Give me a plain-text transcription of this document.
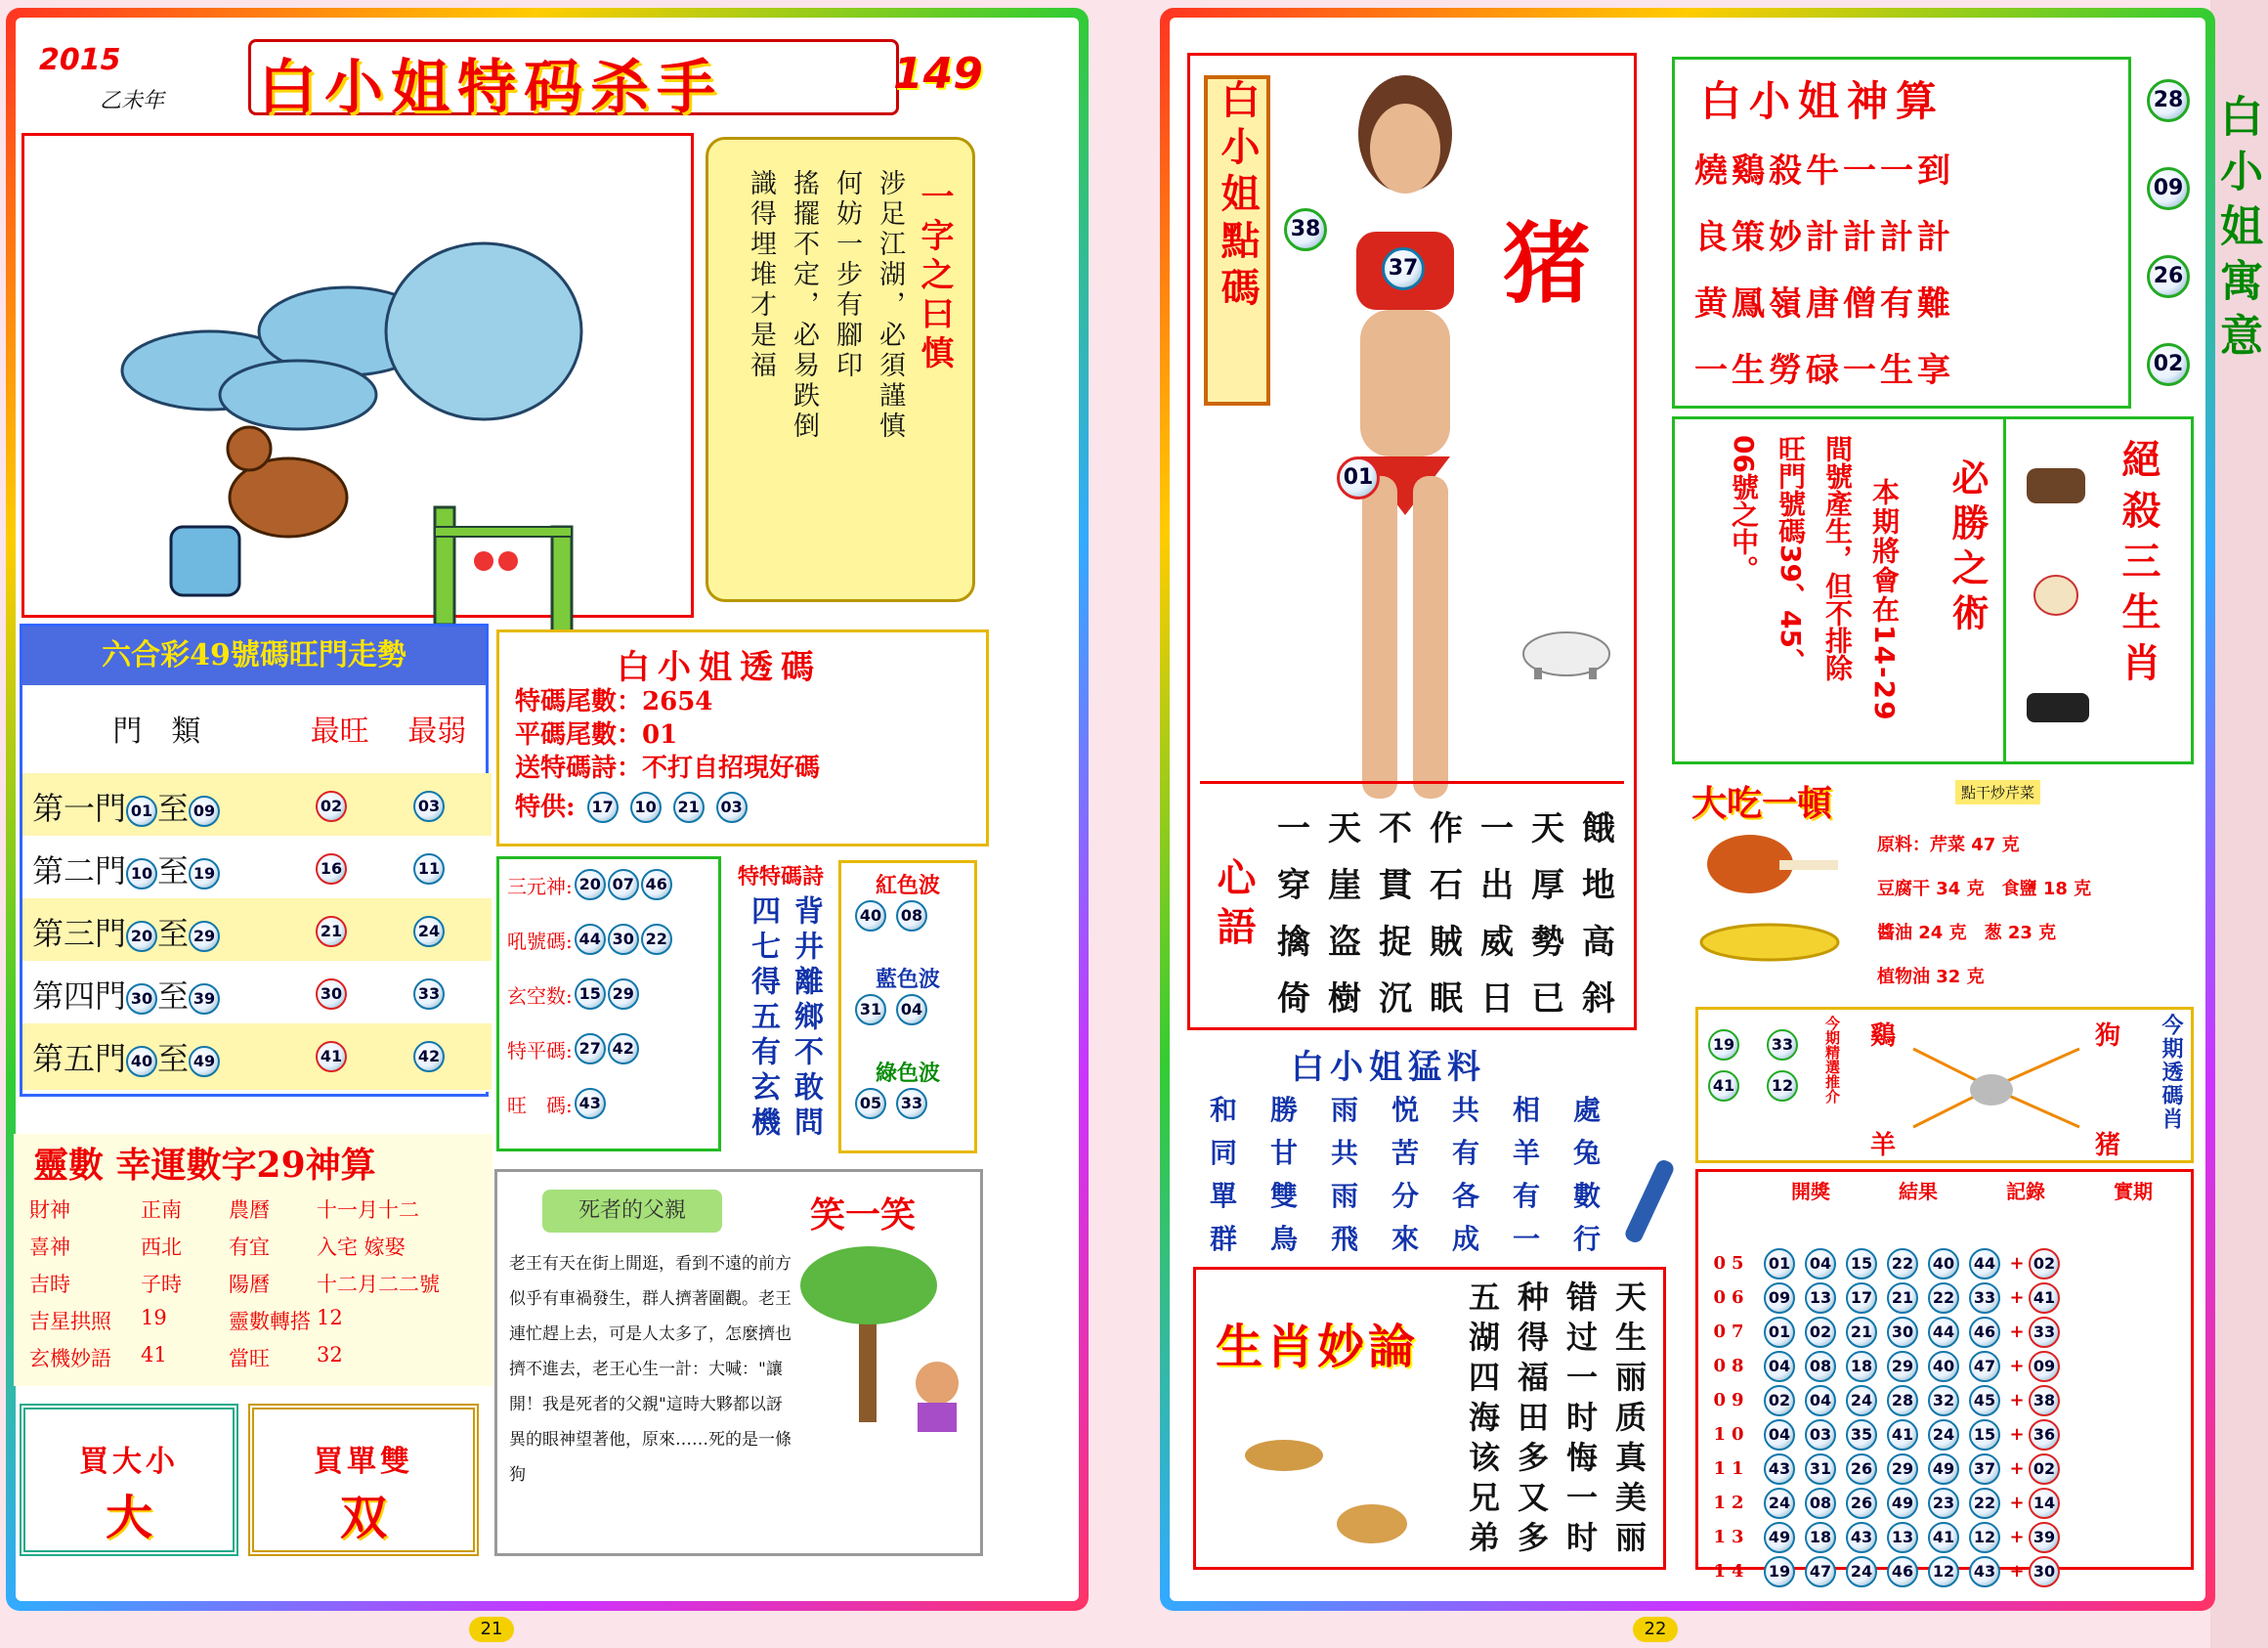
2015
乙未年 白小姐特码杀手	149
一字之曰慎
涉足江湖，必須謹慎
何妨一步有腳印
搖擺不定，必易跌倒
識得埋堆才是福
六合彩49號碼旺門走勢
門　類	最旺	最弱
第一門 01 至 09	02	03
第二門 10 至 19	16	11
第三門 20 至 29	21	24
第四門 30 至 39	30	33
第五門 40 至 49	41	42
白小姐透碼
特碼尾數：2654
平碼尾數：01
送特碼詩：不打自招現好碼
特供:	17	10	21	03
三元神: 20 07 46
吼號碼: 44 30 22
玄空数: 15 29
特平碼: 27 42
旺　碼: 43
特特碼詩
背井離鄉不敢問
四七得五有玄機
紅色波
40	08
藍色波
31	04
綠色波
05	33
靈數 幸運數字29神算
財神	正南 農曆 十一月十二
喜神	西北 有宜 入宅 嫁娶
吉時	子時 陽曆 十二月二二號
吉星拱照 19	靈數轉搭 12
玄機妙語 41	當旺 32
買大小
大
買單雙
双
死者的父親	笑一笑
老王有天在街上閒逛，看到不遠的前方似乎有車禍發生，群人擠著圍觀。老王連忙趕上去，可是人太多了，怎麼擠也擠不進去，老王心生一計：大喊："讓開！我是死者的父親"這時大夥都以訝異的眼神望著他，原來……死的是一條狗
21
白小姐點碼	38
37
01
猪
心語
一 天 不 作 一 天 餓
穿 崖 貫 石 出 厚 地
擒 盗 捉 賊 威 勢 高
倚 樹 沉 眠 日 已 斜
白小姐神算
燒鷄殺牛一一到
良策妙計計計計
黄鳳嶺唐僧有難
一生勞碌一生享
28
09
26
02 白小姐寓意
必勝之術
本期將會在14-29
間號產生，但不排除
旺門號碼39、45、
06號之中。	絕殺三生肖
大吃一頓	點干炒芹菜
原料：芹菜 47 克
豆腐干 34 克　食鹽 18 克
醬油 24 克　葱 23 克
植物油 32 克
19	33
41	12	今期精選推介 鷄	狗
羊	猪
今期透碼肖
白小姐猛料
和	勝	雨	悦	共	相	處
同	甘	共	苦	有	羊	兔
單	雙	雨	分	各	有	數
群	鳥	飛	來	成	一	行
生肖妙論
五 种 错 天
湖 得 过 生
四 福 一 丽
海 田 时 质
该 多 悔 真
兄 又 一 美
弟 多 时 丽
開獎	結果	記錄	實期
05	01	04	15	22	40	44 + 02
06	09	13	17	21	22	33 + 41
07	01	02	21	30	44	46 + 33
08	04	08	18	29	40	47 + 09
09	02	04	24	28	32	45 + 38
10	04	03	35	41	24	15 + 36
11	43	31	26	29	49	37 + 02
12	24	08	26	49	23	22 + 14
13	49	18	43	13	41	12 + 39
14	19	47	24	46	12	43 + 30
22
